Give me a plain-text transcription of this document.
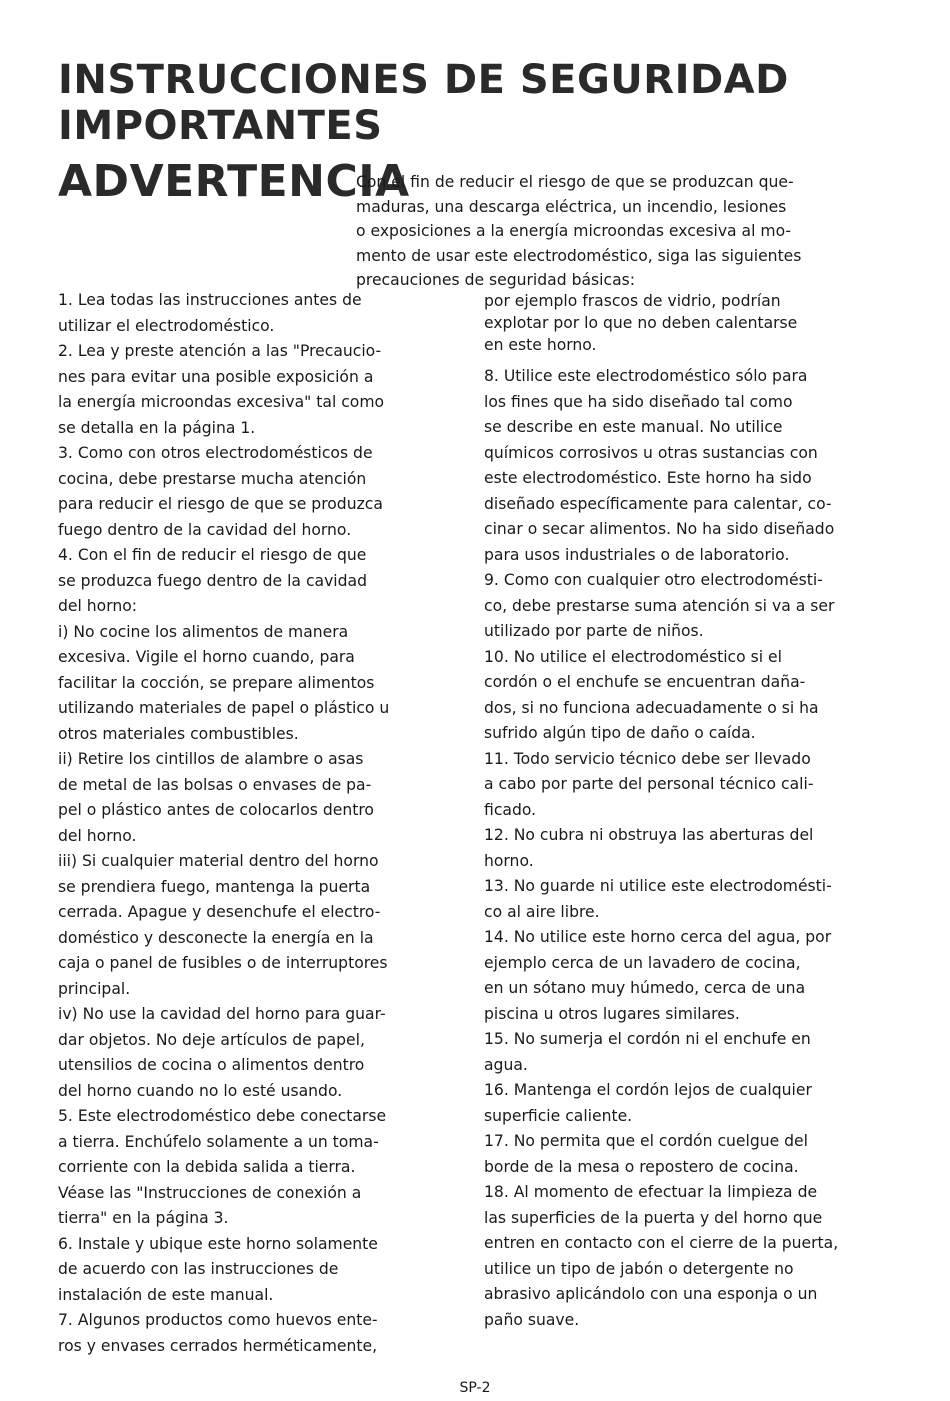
INSTRUCCIONES DE SEGURIDAD
IMPORTANTES
ADVERTENCIA

Con el fin de reducir el riesgo de que se produzcan que-

maduras, una descarga eléctrica, un incendio, lesiones

o exposiciones a la energía microondas excesiva al mo-

mento de usar este electrodoméstico, siga las siguientes

precauciones de seguridad básicas:

1. Lea todas las instrucciones antes de

utilizar el electrodoméstico.

2. Lea y preste atención a las "Precaucio-

nes para evitar una posible exposición a

la energía microondas excesiva" tal como

se detalla en la página 1.

3. Como con otros electrodomésticos de

cocina, debe prestarse mucha atención

para reducir el riesgo de que se produzca

fuego dentro de la cavidad del horno.

4. Con el fin de reducir el riesgo de que

se produzca fuego dentro de la cavidad

del horno:

i) No cocine los alimentos de manera

excesiva. Vigile el horno cuando, para

facilitar la cocción, se prepare alimentos

utilizando materiales de papel o plástico u

otros materiales combustibles.

ii) Retire los cintillos de alambre o asas

de metal de las bolsas o envases de pa-

pel o plástico antes de colocarlos dentro

del horno.

iii) Si cualquier material dentro del horno

se prendiera fuego, mantenga la puerta

cerrada. Apague y desenchufe el electro-

doméstico y desconecte la energía en la

caja o panel de fusibles o de interruptores

principal.

iv) No use la cavidad del horno para guar-

dar objetos. No deje artículos de papel,

utensilios de cocina o alimentos dentro

del horno cuando no lo esté usando.

5. Este electrodoméstico debe conectarse

a tierra. Enchúfelo solamente a un toma-

corriente con la debida salida a tierra.

Véase las "Instrucciones de conexión a

tierra" en la página 3.

6. Instale y ubique este horno solamente

de acuerdo con las instrucciones de

instalación de este manual.

7. Algunos productos como huevos ente-

ros y envases cerrados herméticamente,

por ejemplo frascos de vidrio, podrían

explotar por lo que no deben calentarse

en este horno.

8. Utilice este electrodoméstico sólo para

los fines que ha sido diseñado tal como

se describe en este manual. No utilice

químicos corrosivos u otras sustancias con

este electrodoméstico. Este horno ha sido

diseñado específicamente para calentar, co-

cinar o secar alimentos. No ha sido diseñado

para usos industriales o de laboratorio.

9. Como con cualquier otro electrodomésti-

co, debe prestarse suma atención si va a ser

utilizado por parte de niños.

10. No utilice el electrodoméstico si el

cordón o el enchufe se encuentran daña-

dos, si no funciona adecuadamente o si ha

sufrido algún tipo de daño o caída.

11. Todo servicio técnico debe ser llevado

a cabo por parte del personal técnico cali-

ficado.

12. No cubra ni obstruya las aberturas del

horno.

13. No guarde ni utilice este electrodomésti-

co al aire libre.

14. No utilice este horno cerca del agua, por

ejemplo cerca de un lavadero de cocina,

en un sótano muy húmedo, cerca de una

piscina u otros lugares similares.

15. No sumerja el cordón ni el enchufe en

agua.

16. Mantenga el cordón lejos de cualquier

superficie caliente.

17. No permita que el cordón cuelgue del

borde de la mesa o repostero de cocina.

18. Al momento de efectuar la limpieza de

las superficies de la puerta y del horno que

entren en contacto con el cierre de la puerta,

utilice un tipo de jabón o detergente no

abrasivo aplicándolo con una esponja o un

paño suave.

SP-2
